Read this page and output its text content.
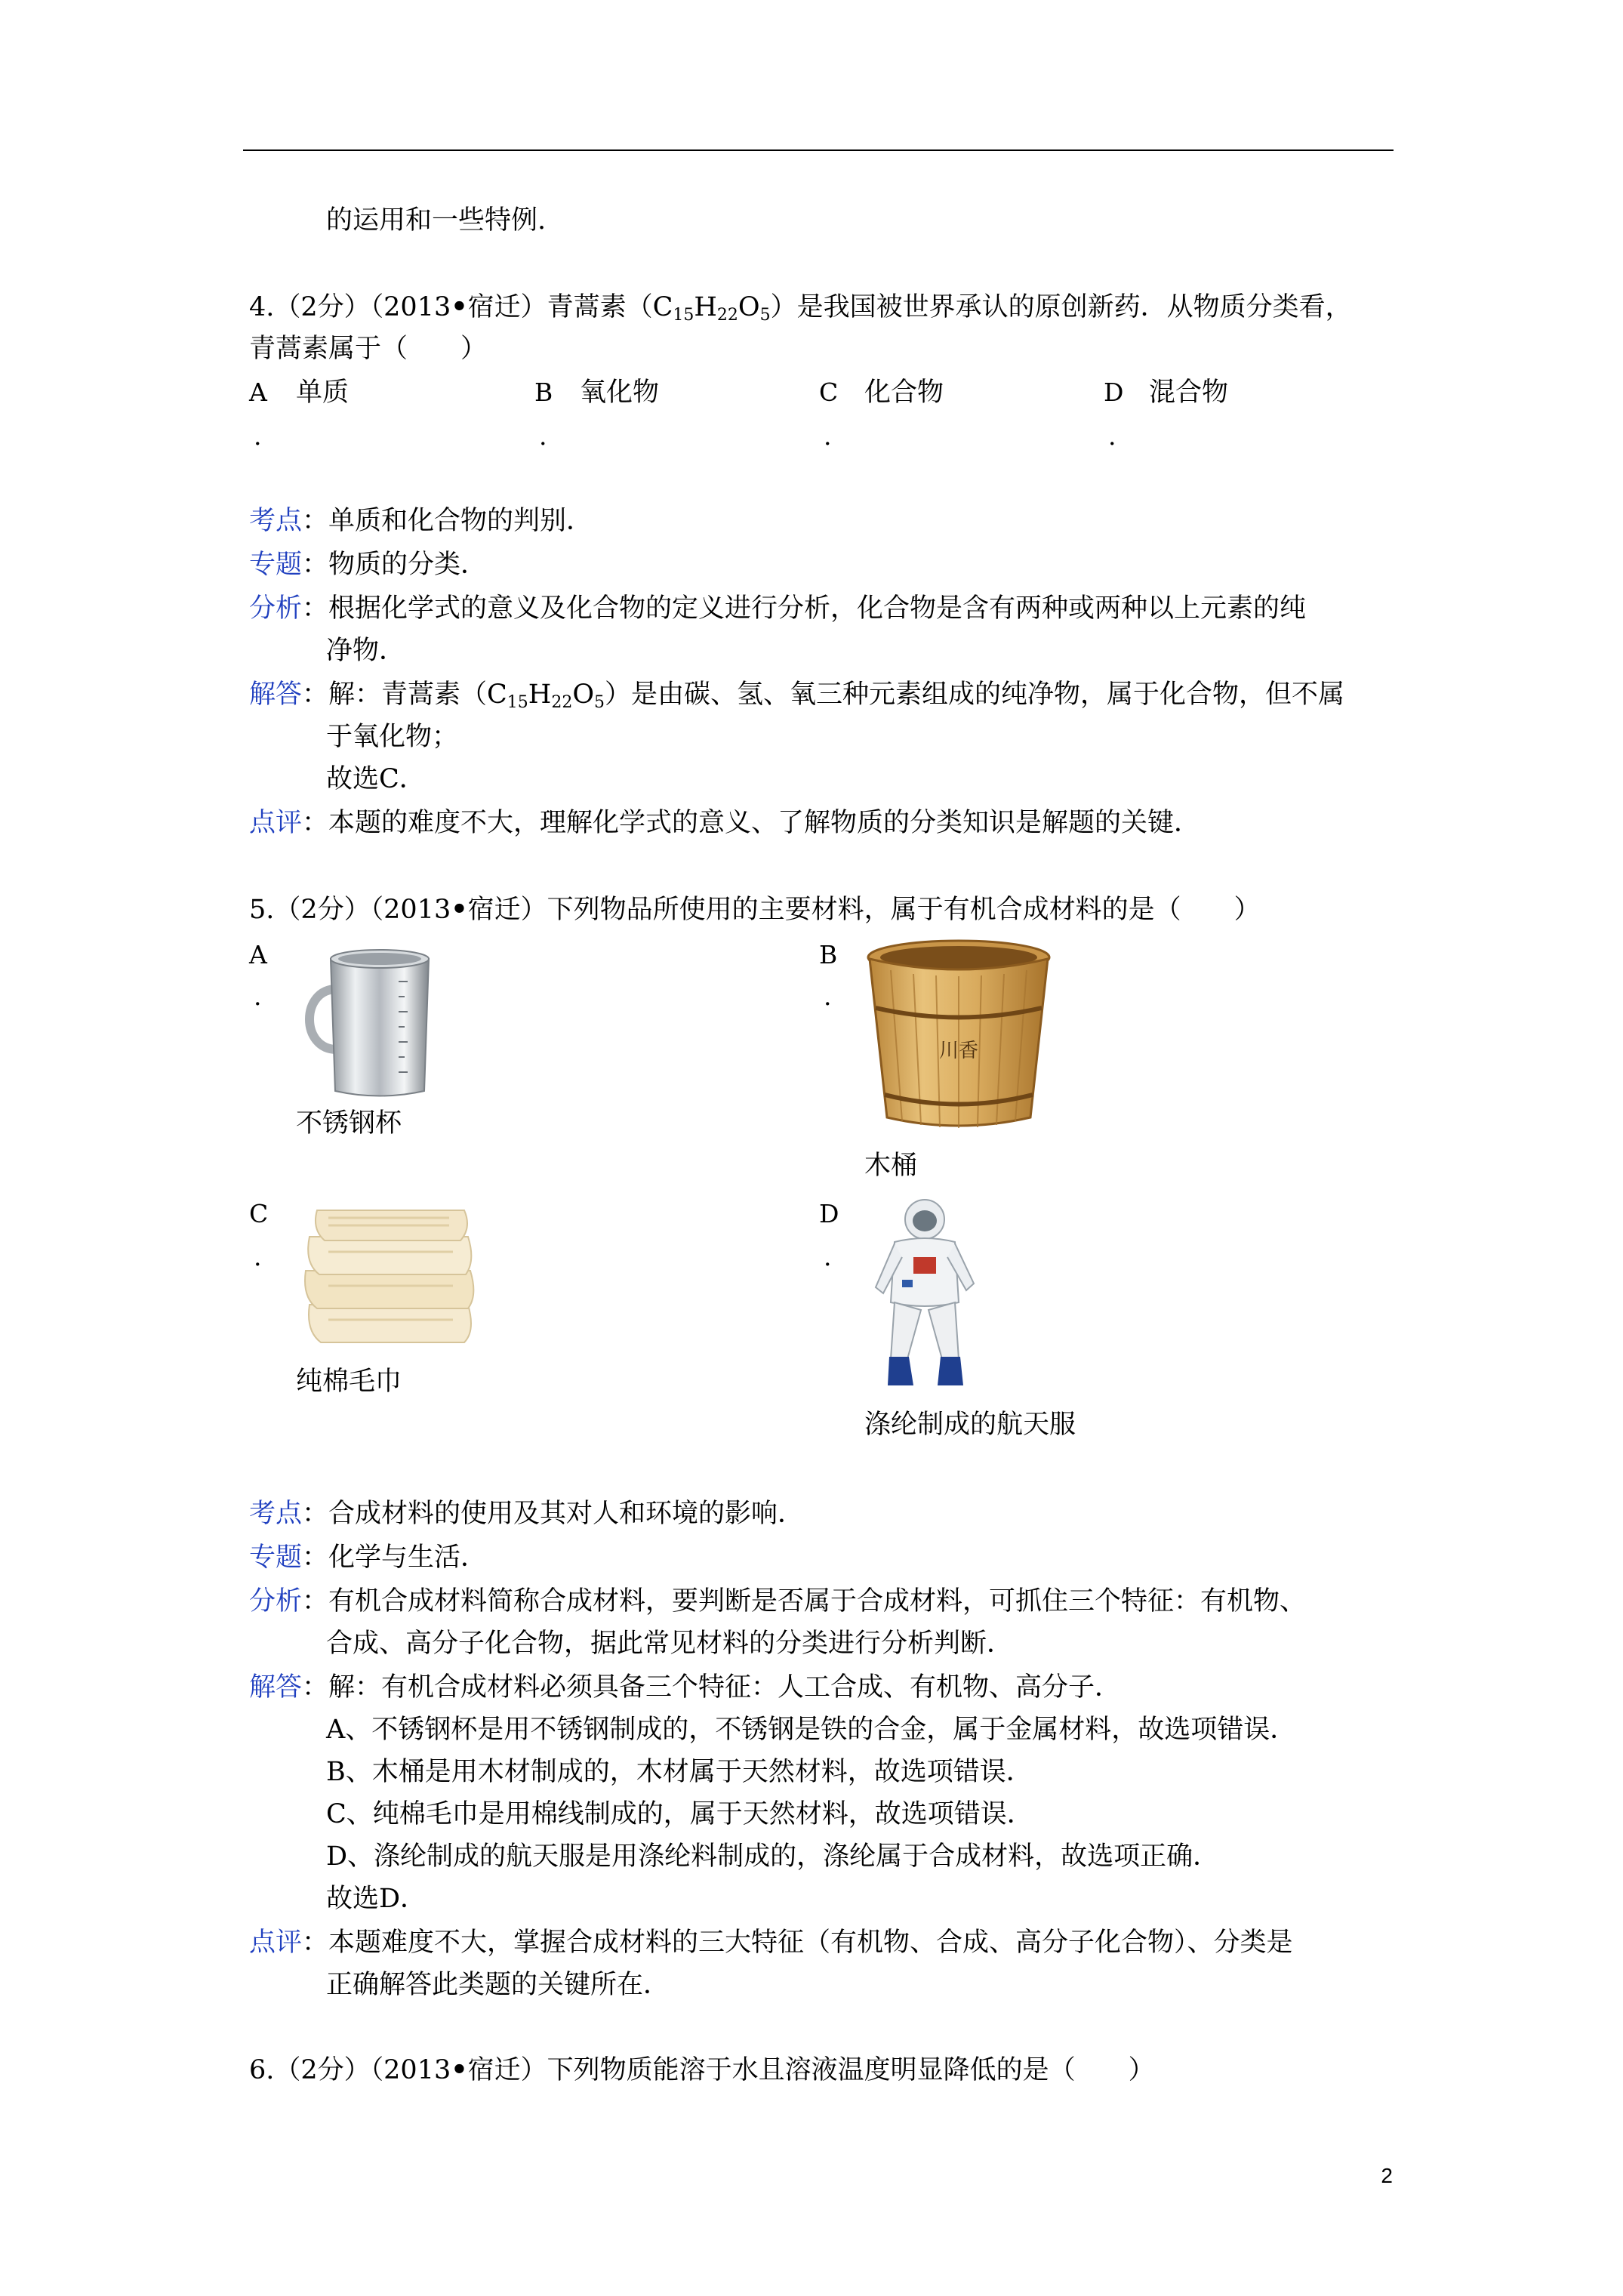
的运用和一些特例.
4.（2分）（2013•宿迁）青蒿素$(C_{15}H_{22}O_5)$是我国被世界承认的原创新药．从物质分类看，
青蒿素属于（　　）
A 单质
.
B 氧化物
.
C 化合物
.
D 混合物
.
考点：单质和化合物的判别．
专题：物质的分类．
分析：根据化学式的意义及化合物的定义进行分析，化合物是含有两种或两种以上元素的纯
净物．
解答：解：青蒿素$(C_{15}H_{22}O_5)$是由碳、氢、氧三种元素组成的纯净物，属于化合物，但不属
于氧化物；
故选C．
点评：本题的难度不大，理解化学式的意义、了解物质的分类知识是解题的关键．
5.（2分）（2013•宿迁）下列物品所使用的主要材料，属于有机合成材料的是（　　）
A
.
不锈钢杯
B
.
川香
木桶
C
.
纯棉毛巾
D
.
涤纶制成的航天服
考点：合成材料的使用及其对人和环境的影响．
专题：化学与生活．
分析：有机合成材料简称合成材料，要判断是否属于合成材料，可抓住三个特征：有机物、
合成、高分子化合物，据此常见材料的分类进行分析判断．
解答：解：有机合成材料必须具备三个特征：人工合成、有机物、高分子．
A、不锈钢杯是用不锈钢制成的，不锈钢是铁的合金，属于金属材料，故选项错误．
B、木桶是用木材制成的，木材属于天然材料，故选项错误．
C、纯棉毛巾是用棉线制成的，属于天然材料，故选项错误．
D、涤纶制成的航天服是用涤纶料制成的，涤纶属于合成材料，故选项正确．
故选D．
点评：本题难度不大，掌握合成材料的三大特征（有机物、合成、高分子化合物）、分类是
正确解答此类题的关键所在．
6.（2分）（2013•宿迁）下列物质能溶于水且溶液温度明显降低的是（　　）
2
